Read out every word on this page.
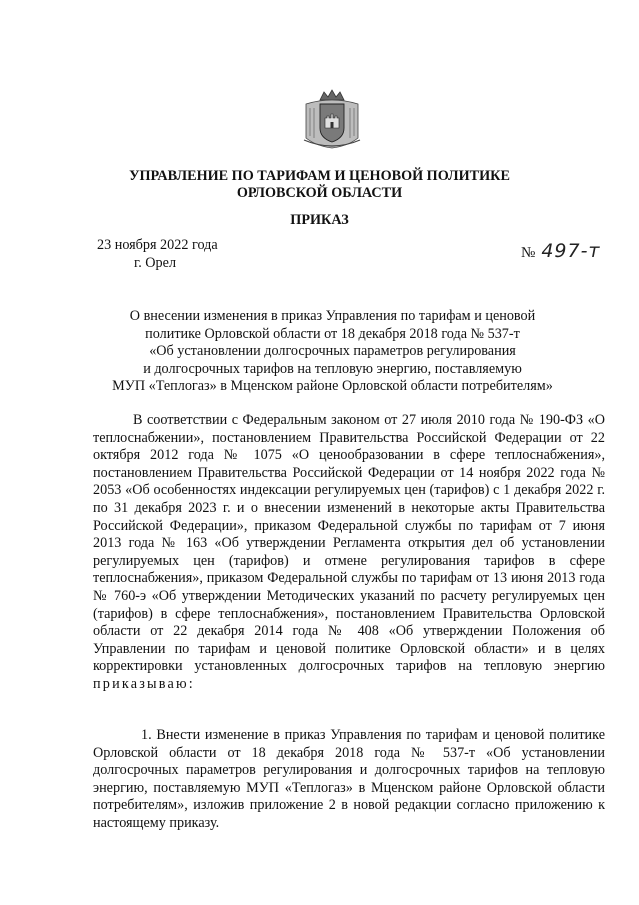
УПРАВЛЕНИЕ ПО ТАРИФАМ И ЦЕНОВОЙ ПОЛИТИКЕ
ОРЛОВСКОЙ ОБЛАСТИ
ПРИКАЗ
23 ноября 2022 года
г. Орел
№ 497-т
О внесении изменения в приказ Управления по тарифам и ценовой
политике Орловской области от 18 декабря 2018 года № 537-т
«Об установлении долгосрочных параметров регулирования
и долгосрочных тарифов на тепловую энергию, поставляемую
МУП «Теплогаз» в Мценском районе Орловской области потребителям»

В соответствии с Федеральным законом от 27 июля 2010 года № 190-ФЗ «О теплоснабжении», постановлением Правительства Российской Федерации от 22 октября 2012 года № 1075 «О ценообразовании в сфере теплоснабжения», постановлением Правительства Российской Федерации от 14 ноября 2022 года № 2053 «Об особенностях индексации регулируемых цен (тарифов) с 1 декабря 2022 г. по 31 декабря 2023 г. и о внесении изменений в некоторые акты Правительства Российской Федерации», приказом Федеральной службы по тарифам от 7 июня 2013 года № 163 «Об утверждении Регламента открытия дел об установлении регулируемых цен (тарифов) и отмене регулирования тарифов в сфере теплоснабжения», приказом Федеральной службы по тарифам от 13 июня 2013 года № 760-э «Об утверждении Методических указаний по расчету регулируемых цен (тарифов) в сфере теплоснабжения», постановлением Правительства Орловской области от 22 декабря 2014 года № 408 «Об утверждении Положения об Управлении по тарифам и ценовой политике Орловской области» и в целях корректировки установленных долгосрочных тарифов на тепловую энергию приказываю:

1. Внести изменение в приказ Управления по тарифам и ценовой политике Орловской области от 18 декабря 2018 года № 537-т «Об установлении долгосрочных параметров регулирования и долгосрочных тарифов на тепловую энергию, поставляемую МУП «Теплогаз» в Мценском районе Орловской области потребителям», изложив приложение 2 в новой редакции согласно приложению к настоящему приказу.
